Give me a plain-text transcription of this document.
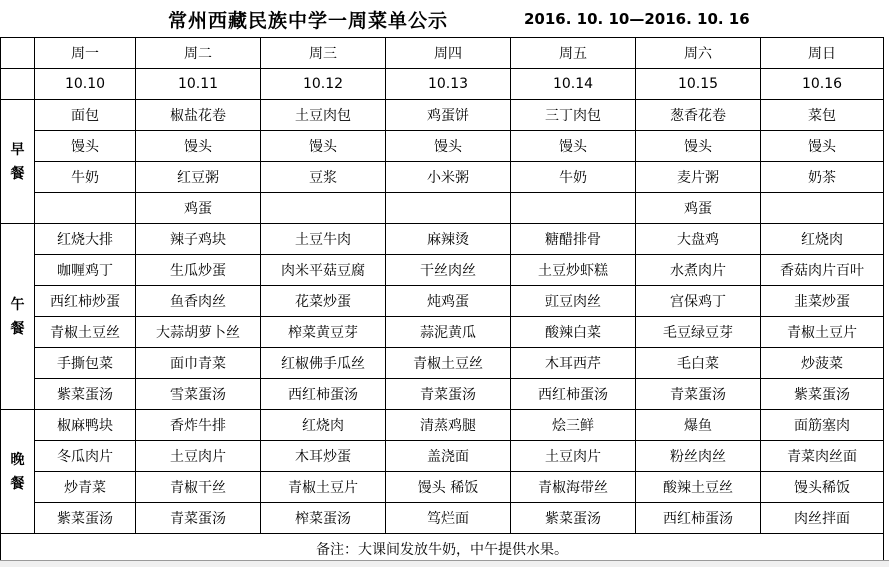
常州西藏民族中学一周菜单公示	2016. 10. 10—2016. 10. 16
	周一	周二	周三	周四	周五	周六	周日
	10.10	10.11	10.12	10.13	10.14	10.15	10.16

早
餐	面包	椒盐花卷	土豆肉包	鸡蛋饼	三丁肉包	葱香花卷	菜包
	馒头	馒头	馒头	馒头	馒头	馒头	馒头
	牛奶	红豆粥	豆浆	小米粥	牛奶	麦片粥	奶茶
		鸡蛋				鸡蛋	

午
餐	红烧大排	辣子鸡块	土豆牛肉	麻辣烫	糖醋排骨	大盘鸡	红烧肉
	咖喱鸡丁	生瓜炒蛋	肉米平菇豆腐	干丝肉丝	土豆炒虾糕	水煮肉片	香菇肉片百叶
	西红柿炒蛋	鱼香肉丝	花菜炒蛋	炖鸡蛋	豇豆肉丝	宫保鸡丁	韭菜炒蛋
	青椒土豆丝	大蒜胡萝卜丝	榨菜黄豆芽	蒜泥黄瓜	酸辣白菜	毛豆绿豆芽	青椒土豆片
	手撕包菜	面巾青菜	红椒佛手瓜丝	青椒土豆丝	木耳西芹	毛白菜	炒菠菜
	紫菜蛋汤	雪菜蛋汤	西红柿蛋汤	青菜蛋汤	西红柿蛋汤	青菜蛋汤	紫菜蛋汤

晚
餐	椒麻鸭块	香炸牛排	红烧肉	清蒸鸡腿	烩三鲜	爆鱼	面筋塞肉
	冬瓜肉片	土豆肉片	木耳炒蛋	盖浇面	土豆肉片	粉丝肉丝	青菜肉丝面
	炒青菜	青椒干丝	青椒土豆片	馒头 稀饭	青椒海带丝	酸辣土豆丝	馒头稀饭
	紫菜蛋汤	青菜蛋汤	榨菜蛋汤	笃烂面	紫菜蛋汤	西红柿蛋汤	肉丝拌面
备注：大课间发放牛奶，中午提供水果。							
